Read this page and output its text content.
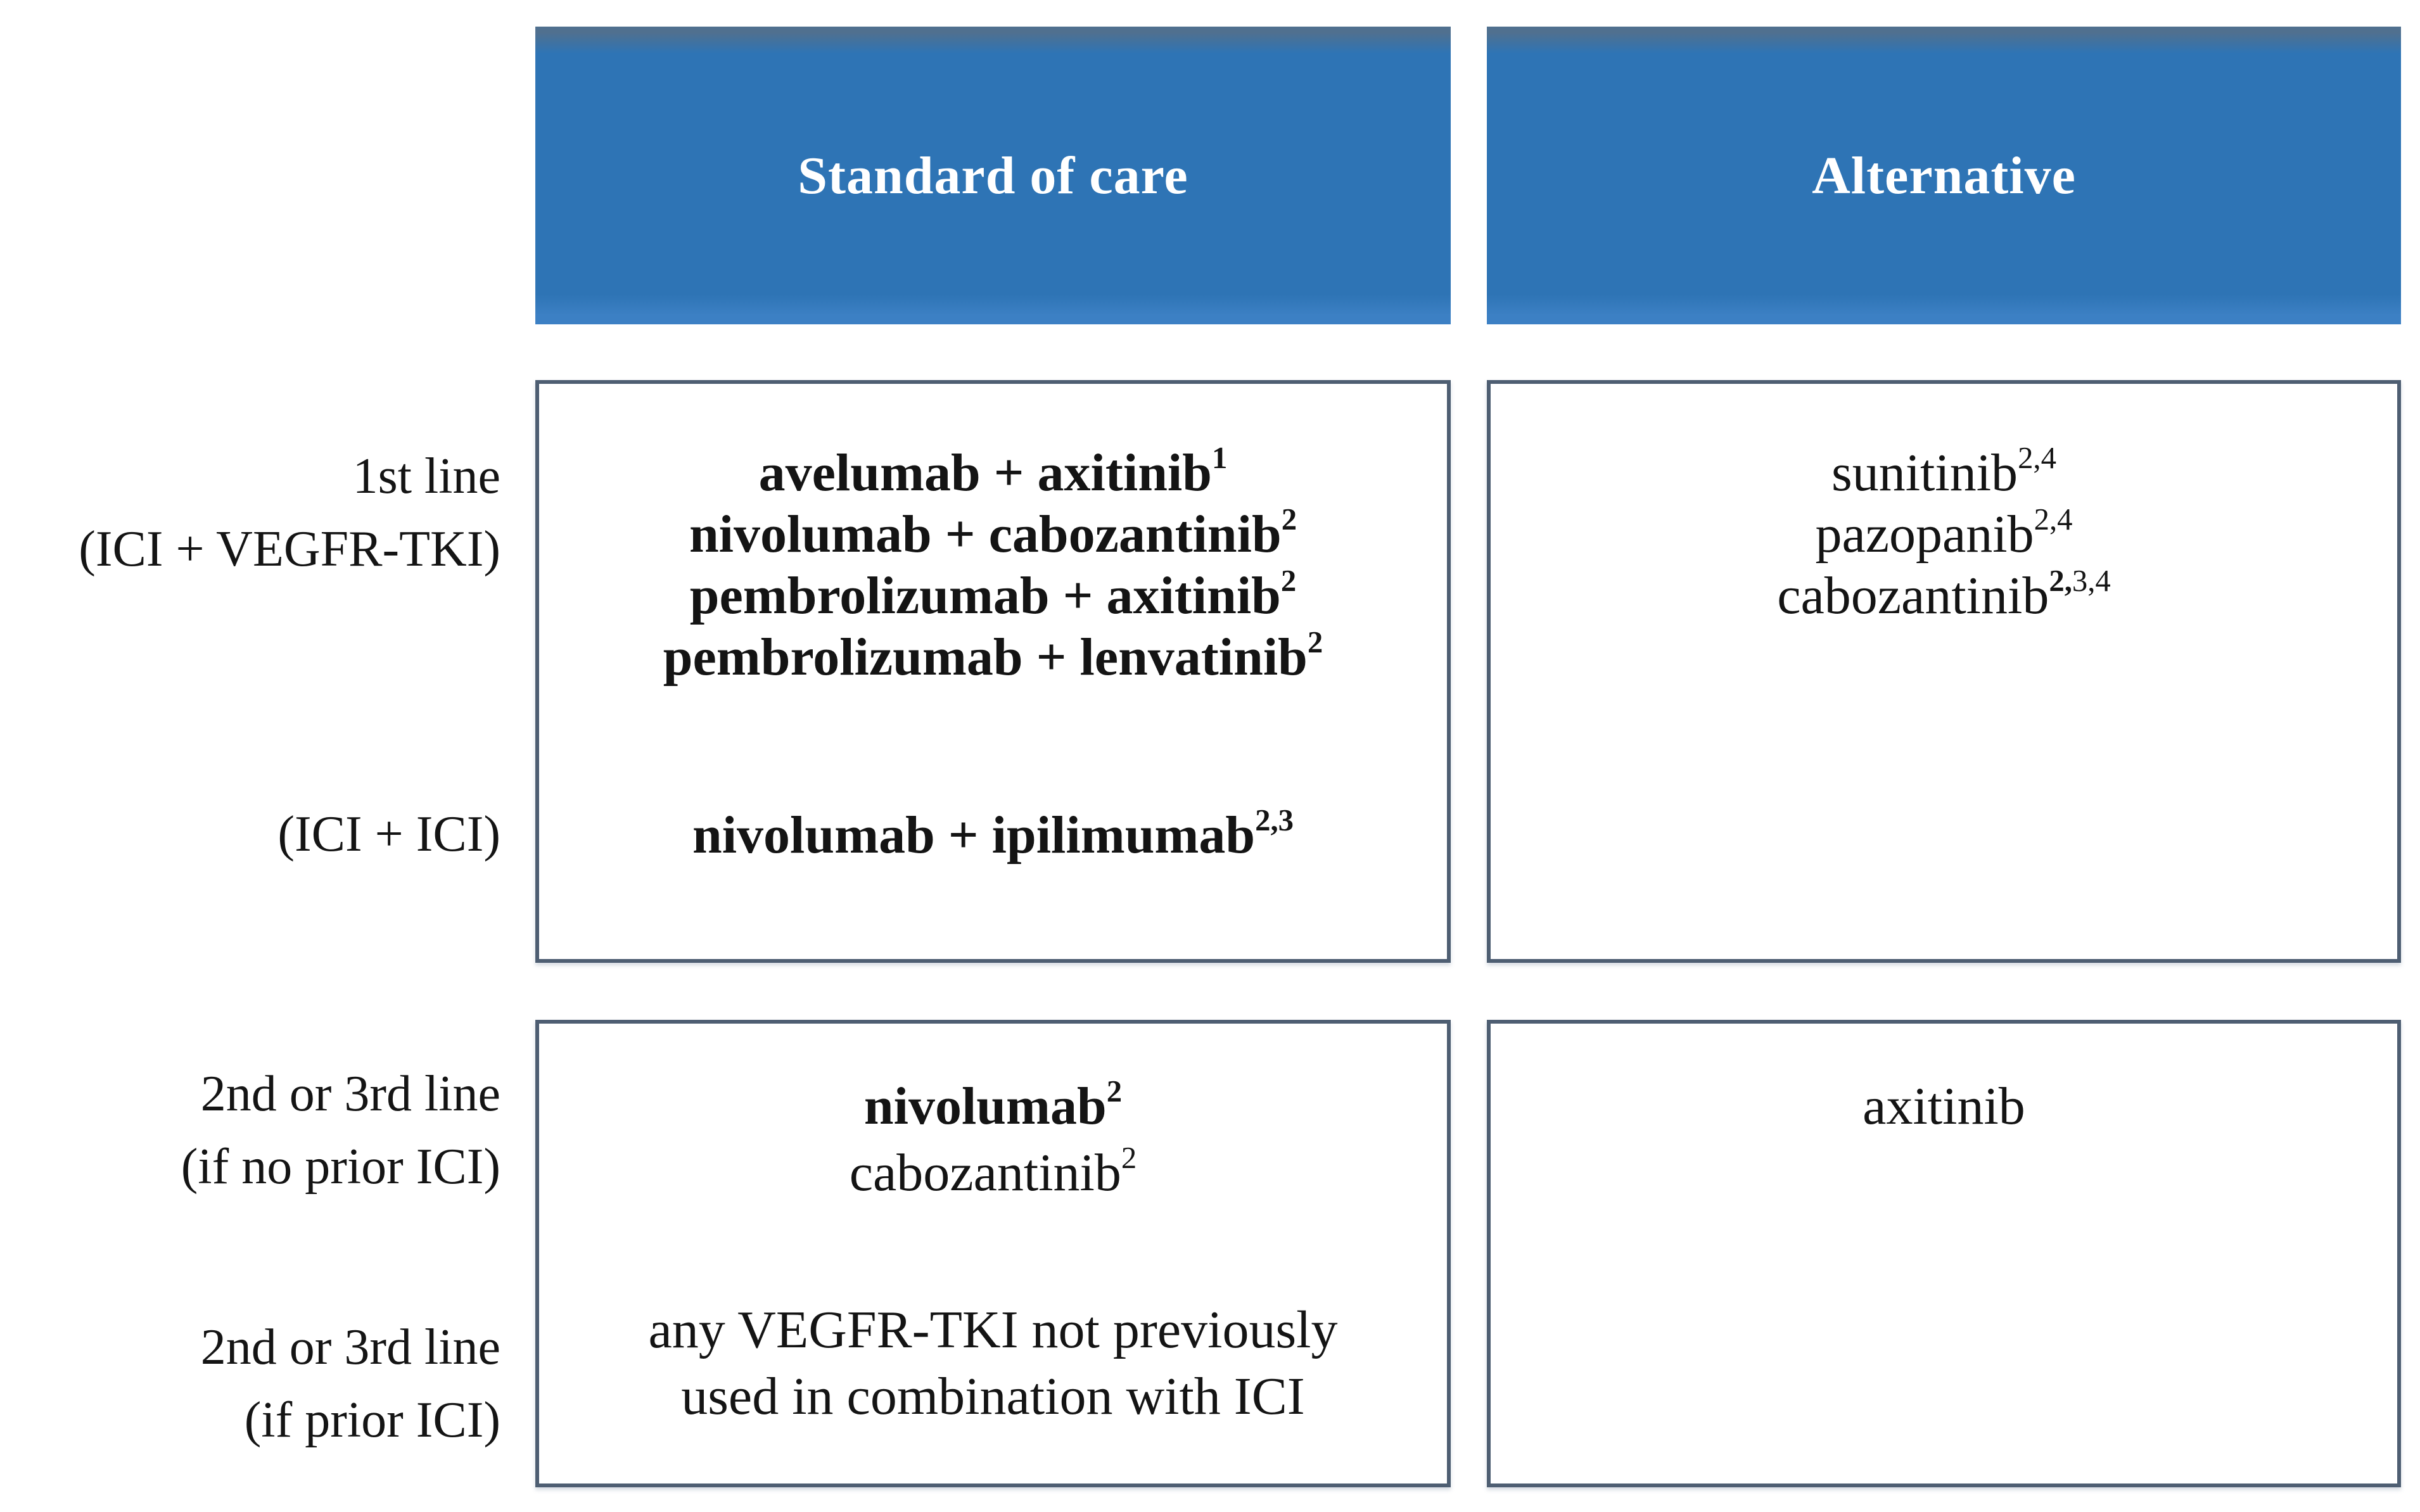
Standard of care	Alternative
1st line
(ICI + VEGFR-TKI)
(ICI + ICI)
2nd or 3rd line
(if no prior ICI)
2nd or 3rd line
(if prior ICI)
avelumab + axitinib$^1$
nivolumab + cabozantinib$^2$
pembrolizumab + axitinib$^2$
pembrolizumab + lenvatinib$^2$
nivolumab + ipilimumab$^{2,3}$
sunitinib$^{2,4}$
pazopanib$^{2,4}$
cabozantinib$^{2,3,4}$
nivolumab$^2$
cabozantinib$^2$
any VEGFR-TKI not previously
used in combination with ICI
axitinib
